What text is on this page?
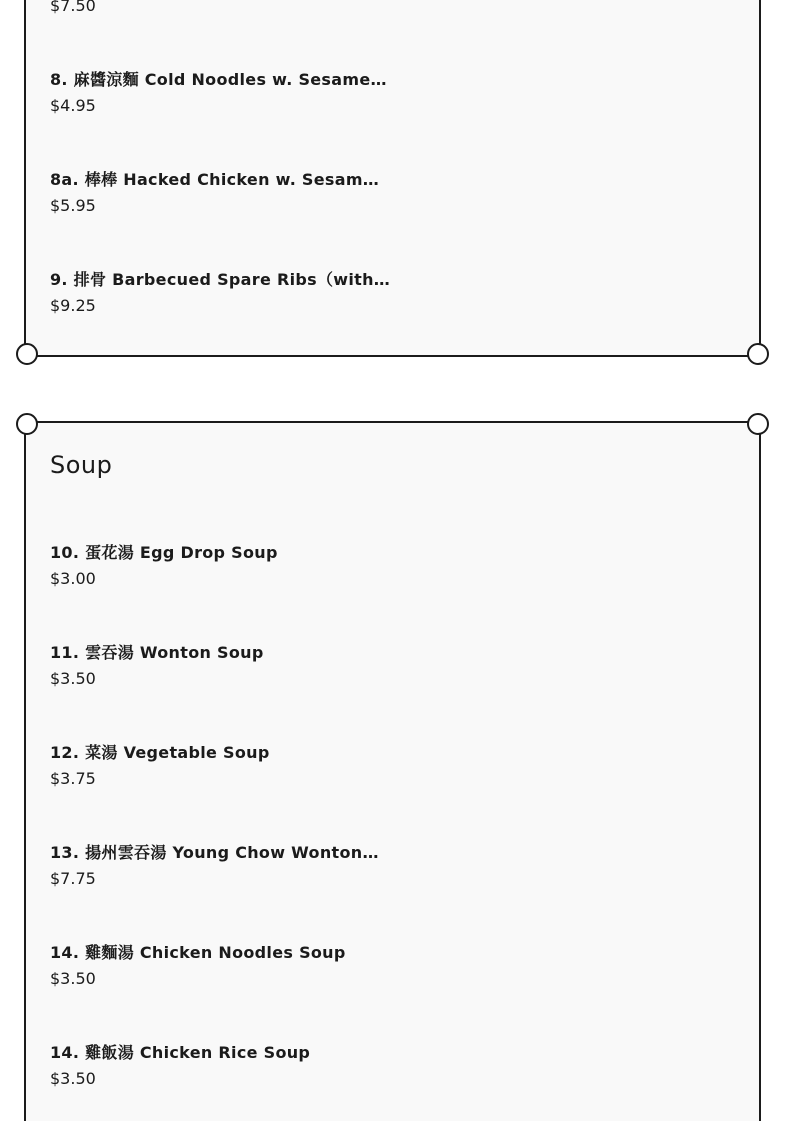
$7.50
8. 麻醬涼麵 Cold Noodles w. Sesame…
$4.95
8a. 棒棒 Hacked Chicken w. Sesam…
$5.95
9. 排骨 Barbecued Spare Ribs（with…
$9.25
Soup
10. 蛋花湯 Egg Drop Soup
$3.00
11. 雲吞湯 Wonton Soup
$3.50
12. 菜湯 Vegetable Soup
$3.75
13. 揚州雲吞湯 Young Chow Wonton…
$7.75
14. 雞麵湯 Chicken Noodles Soup
$3.50
14. 雞飯湯 Chicken Rice Soup
$3.50
